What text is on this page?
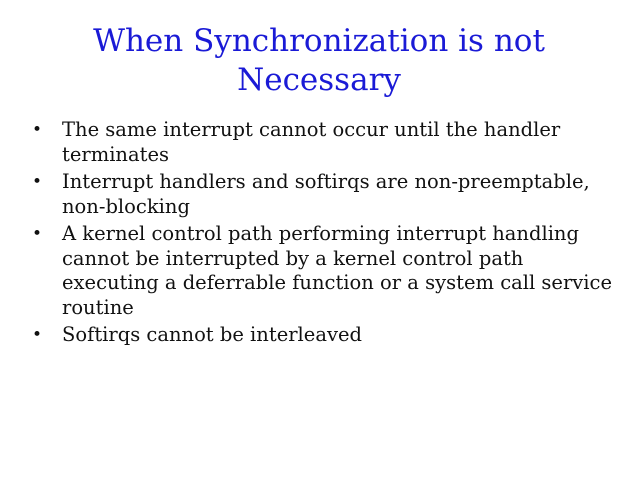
When Synchronization is not
Necessary
•	The same interrupt cannot occur until the handler terminates
•	Interrupt handlers and softirqs are non-preemptable, non-blocking
•	A kernel control path performing interrupt handling cannot be interrupted by a kernel control path executing a deferrable function or a system call service routine
•	Softirqs cannot be interleaved
